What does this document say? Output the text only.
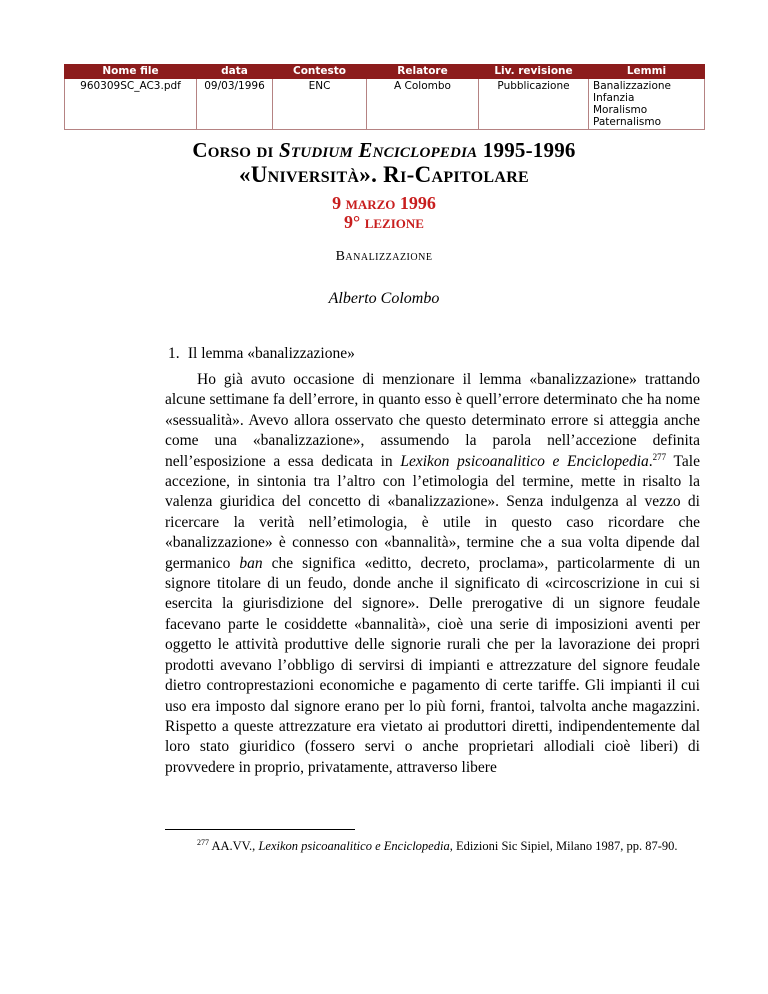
Nome file	data	Contesto	Relatore	Liv. revisione	Lemmi
960309SC_AC3.pdf	09/03/1996	ENC	A Colombo	Pubblicazione	Banalizzazione
Infanzia
Moralismo
Paternalismo
Corso di Studium Enciclopedia 1995-1996
«Università». Ri-Capitolare
9 marzo 1996
9° lezione
Banalizzazione
Alberto Colombo
1. Il lemma «banalizzazione»

Ho già avuto occasione di menzionare il lemma «banalizzazione» trattando alcune settimane fa dell’errore, in quanto esso è quell’errore determinato che ha nome «sessualità». Avevo allora osservato che questo determinato errore si atteggia anche come una «banalizzazione», assumendo la parola nell’accezione definita nell’esposizione a essa dedicata in Lexikon psicoanalitico e Enciclopedia.$^{277}$ Tale accezione, in sintonia tra l’altro con l’etimologia del termine, mette in risalto la valenza giuridica del concetto di «banalizzazione». Senza indulgenza al vezzo di ricercare la verità nell’etimologia, è utile in questo caso ricordare che «banalizzazione» è connesso con «bannalità», termine che a sua volta dipende dal germanico ban che significa «editto, decreto, proclama», particolarmente di un signore titolare di un feudo, donde anche il significato di «circoscrizione in cui si esercita la giurisdizione del signore». Delle prerogative di un signore feudale facevano parte le cosiddette «bannalità», cioè una serie di imposizioni aventi per oggetto le attività produttive delle signorie rurali che per la lavorazione dei propri prodotti avevano l’obbligo di servirsi di impianti e attrezzature del signore feudale dietro controprestazioni economiche e pagamento di certe tariffe. Gli impianti il cui uso era imposto dal signore erano per lo più forni, frantoi, talvolta anche magazzini. Rispetto a queste attrezzature era vietato ai produttori diretti, indipendentemente dal loro stato giuridico (fossero servi o anche proprietari allodiali cioè liberi) di provvedere in proprio, privatamente, attraverso libere

$^{277}$ AA.VV., Lexikon psicoanalitico e Enciclopedia, Edizioni Sic Sipiel, Milano 1987, pp. 87-90.
